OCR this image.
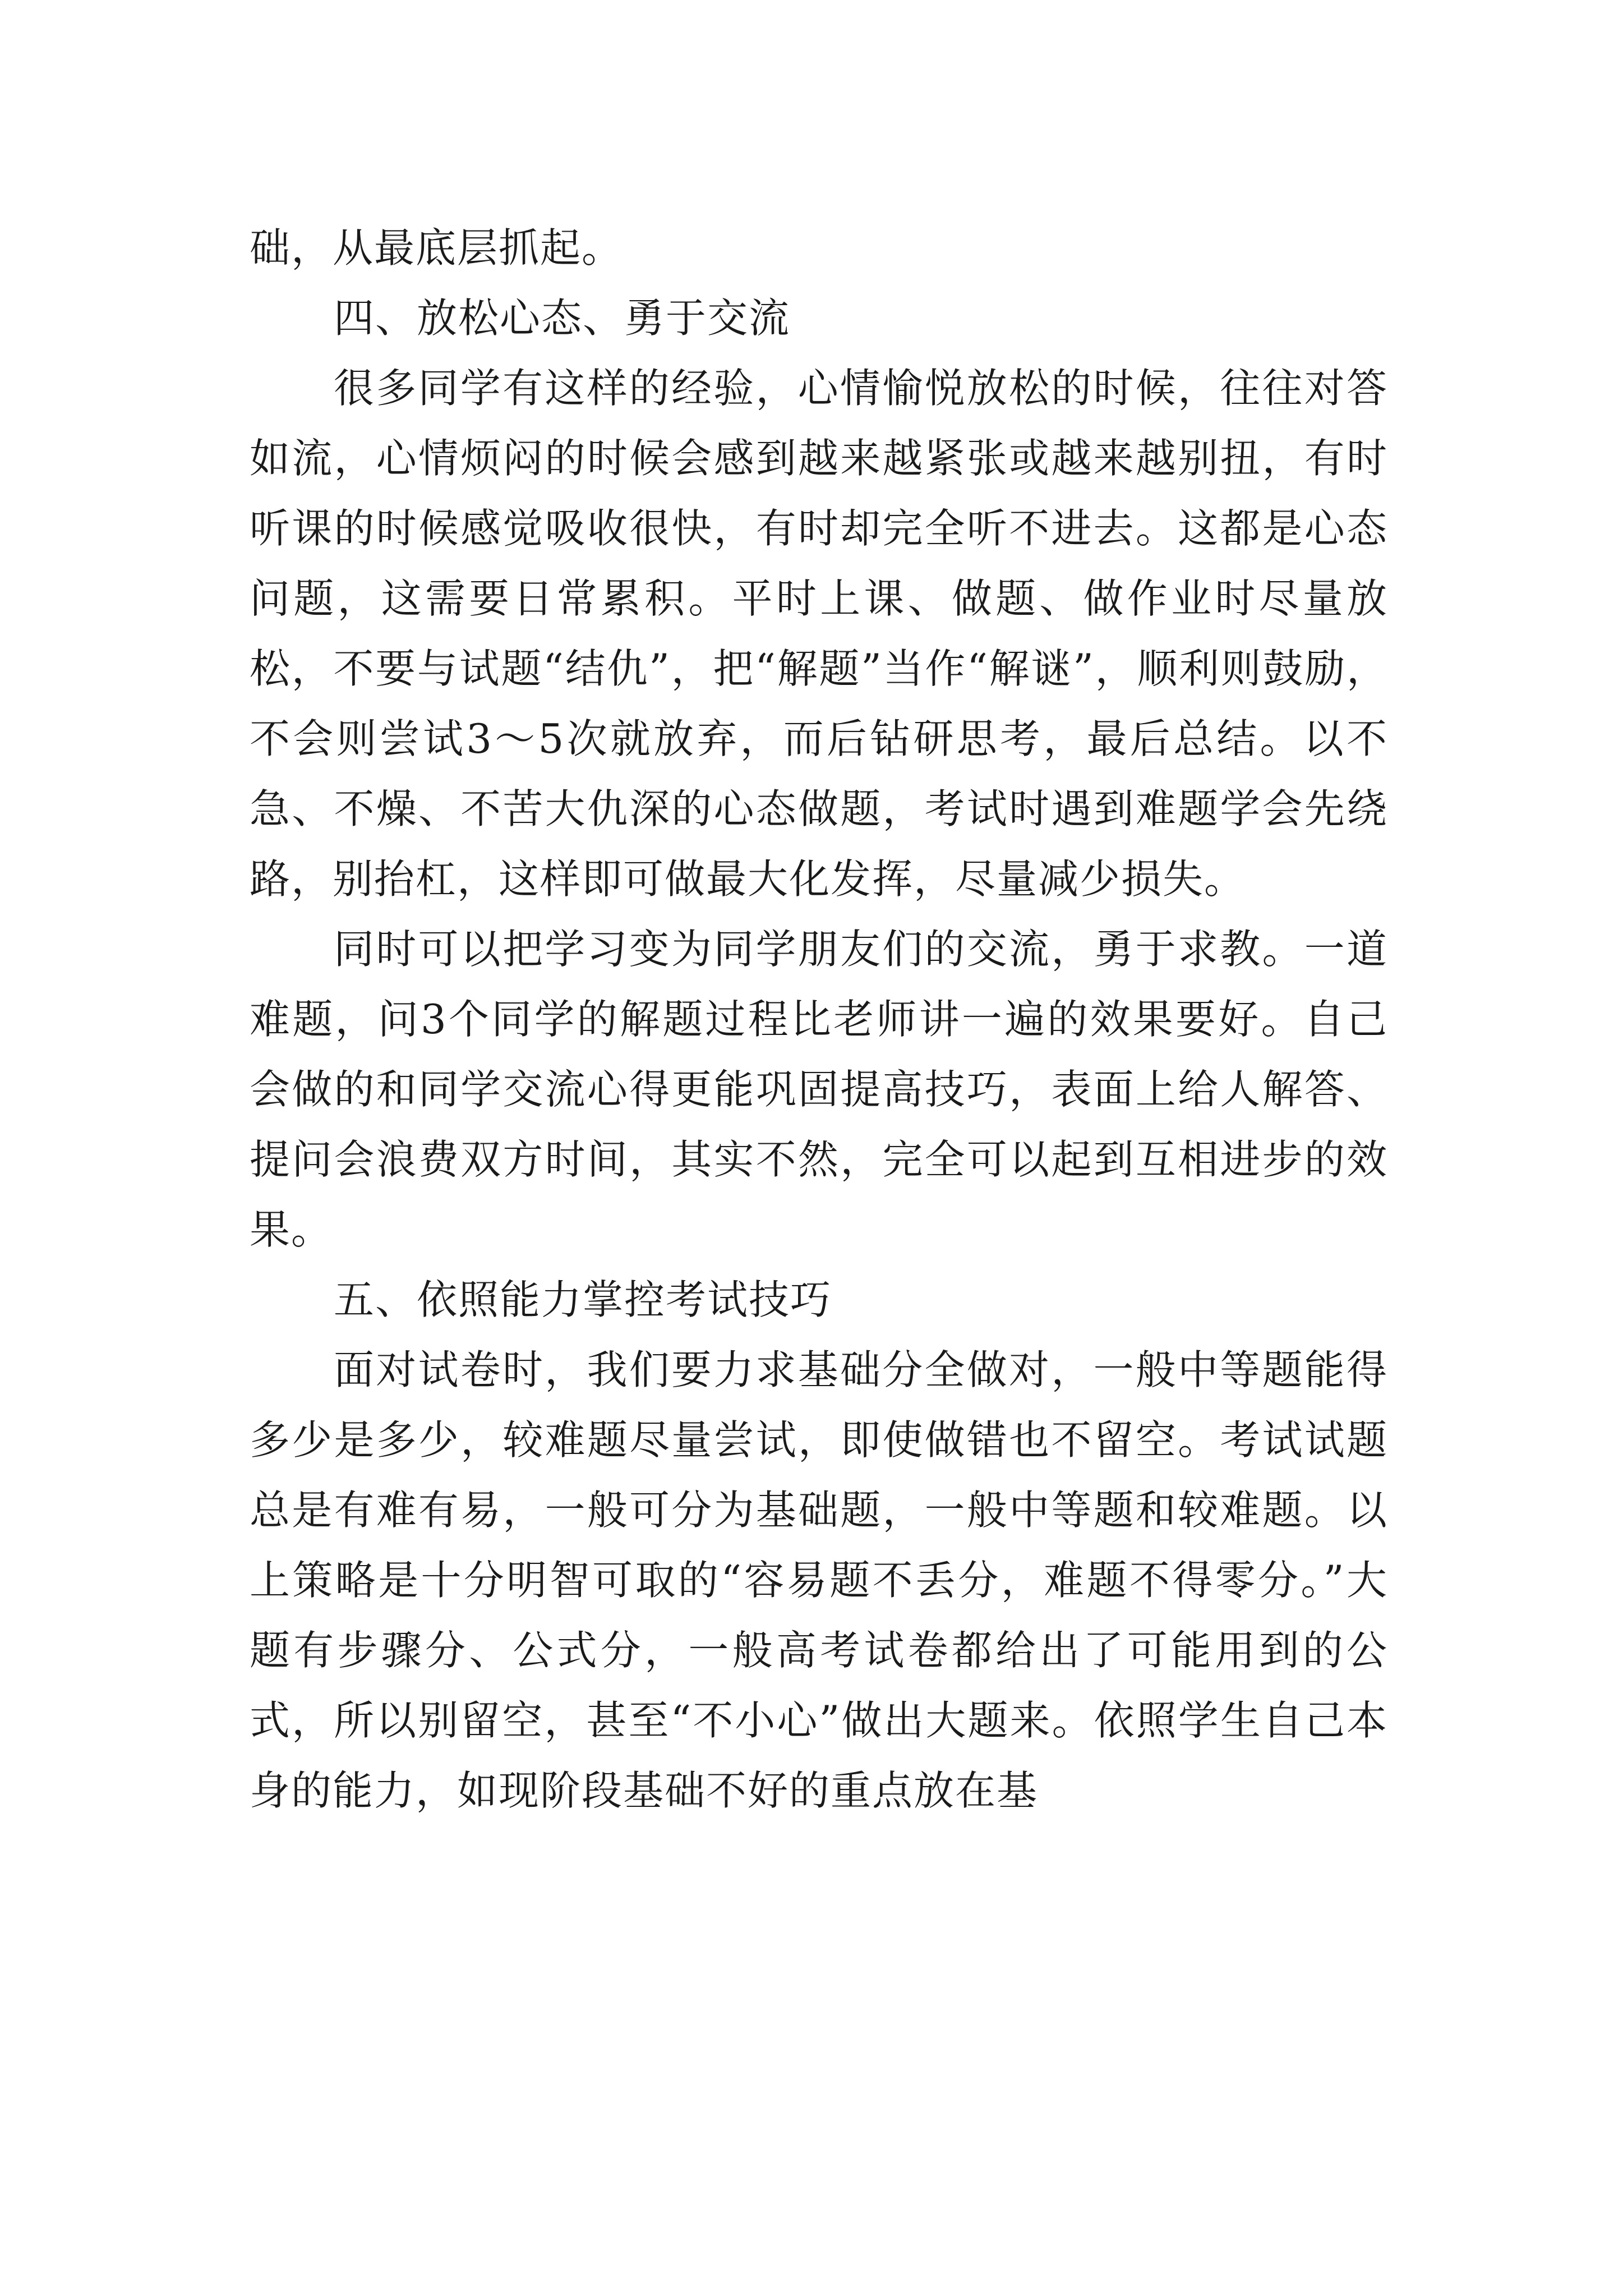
础，从最底层抓起。

四、放松心态、勇于交流

很多同学有这样的经验，心情愉悦放松的时候，往往对答如流，心情烦闷的时候会感到越来越紧张或越来越别扭，有时听课的时候感觉吸收很快，有时却完全听不进去。这都是心态问题，这需要日常累积。平时上课、做题、做作业时尽量放松，不要与试题“结仇”，把“解题”当作“解谜”，顺利则鼓励，不会则尝试3～5次就放弃，而后钻研思考，最后总结。以不急、不燥、不苦大仇深的心态做题，考试时遇到难题学会先绕路，别抬杠，这样即可做最大化发挥，尽量减少损失。

同时可以把学习变为同学朋友们的交流，勇于求教。一道难题，问3个同学的解题过程比老师讲一遍的效果要好。自己会做的和同学交流心得更能巩固提高技巧，表面上给人解答、提问会浪费双方时间，其实不然，完全可以起到互相进步的效果。

五、依照能力掌控考试技巧

面对试卷时，我们要力求基础分全做对，一般中等题能得多少是多少，较难题尽量尝试，即使做错也不留空。考试试题总是有难有易，一般可分为基础题，一般中等题和较难题。以上策略是十分明智可取的“容易题不丢分，难题不得零分。”大题有步骤分、公式分，一般高考试卷都给出了可能用到的公式，所以别留空，甚至“不小心”做出大题来。依照学生自己本身的能力，如现阶段基础不好的重点放在基
